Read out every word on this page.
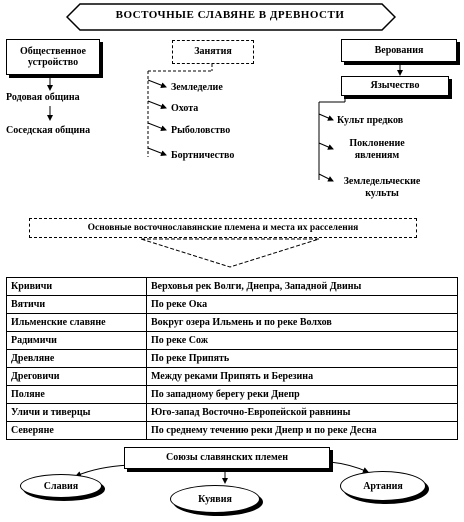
ВОСТОЧНЫЕ СЛАВЯНЕ В ДРЕВНОСТИ
Общественное устройство
Родовая община
Соседская община
Занятия
Земледелие
Охота
Рыболовство
Бортничество
Верования
Язычество
Культ предков
Поклонение явлениям
Земледельческие культы
Основные восточнославянские племена и места их расселения
Кривичи	Верховья рек Волги, Днепра, Западной Двины
Вятичи	По реке Ока
Ильменские славяне	Вокруг озера Ильмень и по реке Волхов
Радимичи	По реке Сож
Древляне	По реке Припять
Дреговичи	Между реками Припять и Березина
Поляне	По западному берегу реки Днепр
Уличи и тиверцы	Юго-запад Восточно-Европейской равнины
Северяне	По среднему течению реки Днепр и по реке Десна
Союзы славянских племен
Славия
Куявия
Артания
